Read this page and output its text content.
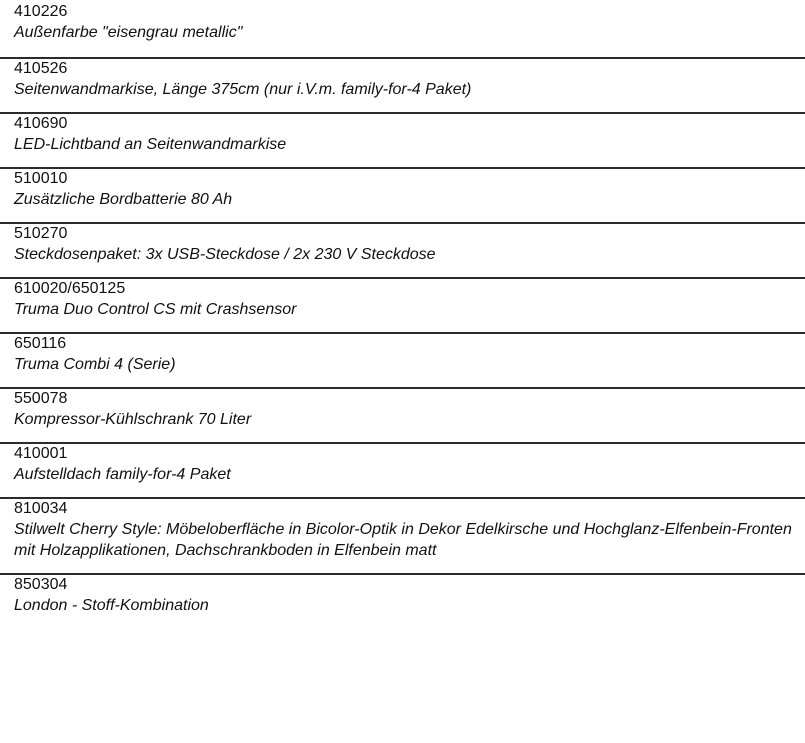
410226
Außenfarbe "eisengrau metallic"
410526
Seitenwandmarkise, Länge 375cm (nur i.V.m. family-for-4 Paket)
410690
LED-Lichtband an Seitenwandmarkise
510010
Zusätzliche Bordbatterie 80 Ah
510270
Steckdosenpaket: 3x USB-Steckdose / 2x 230 V Steckdose
610020/650125
Truma Duo Control CS mit Crashsensor
650116
Truma Combi 4 (Serie)
550078
Kompressor-Kühlschrank 70 Liter
410001
Aufstelldach family-for-4 Paket
810034
Stilwelt Cherry Style: Möbeloberfläche in Bicolor-Optik in Dekor Edelkirsche und Hochglanz-Elfenbein-Fronten mit Holzapplikationen, Dachschrankboden in Elfenbein matt
850304
London - Stoff-Kombination
